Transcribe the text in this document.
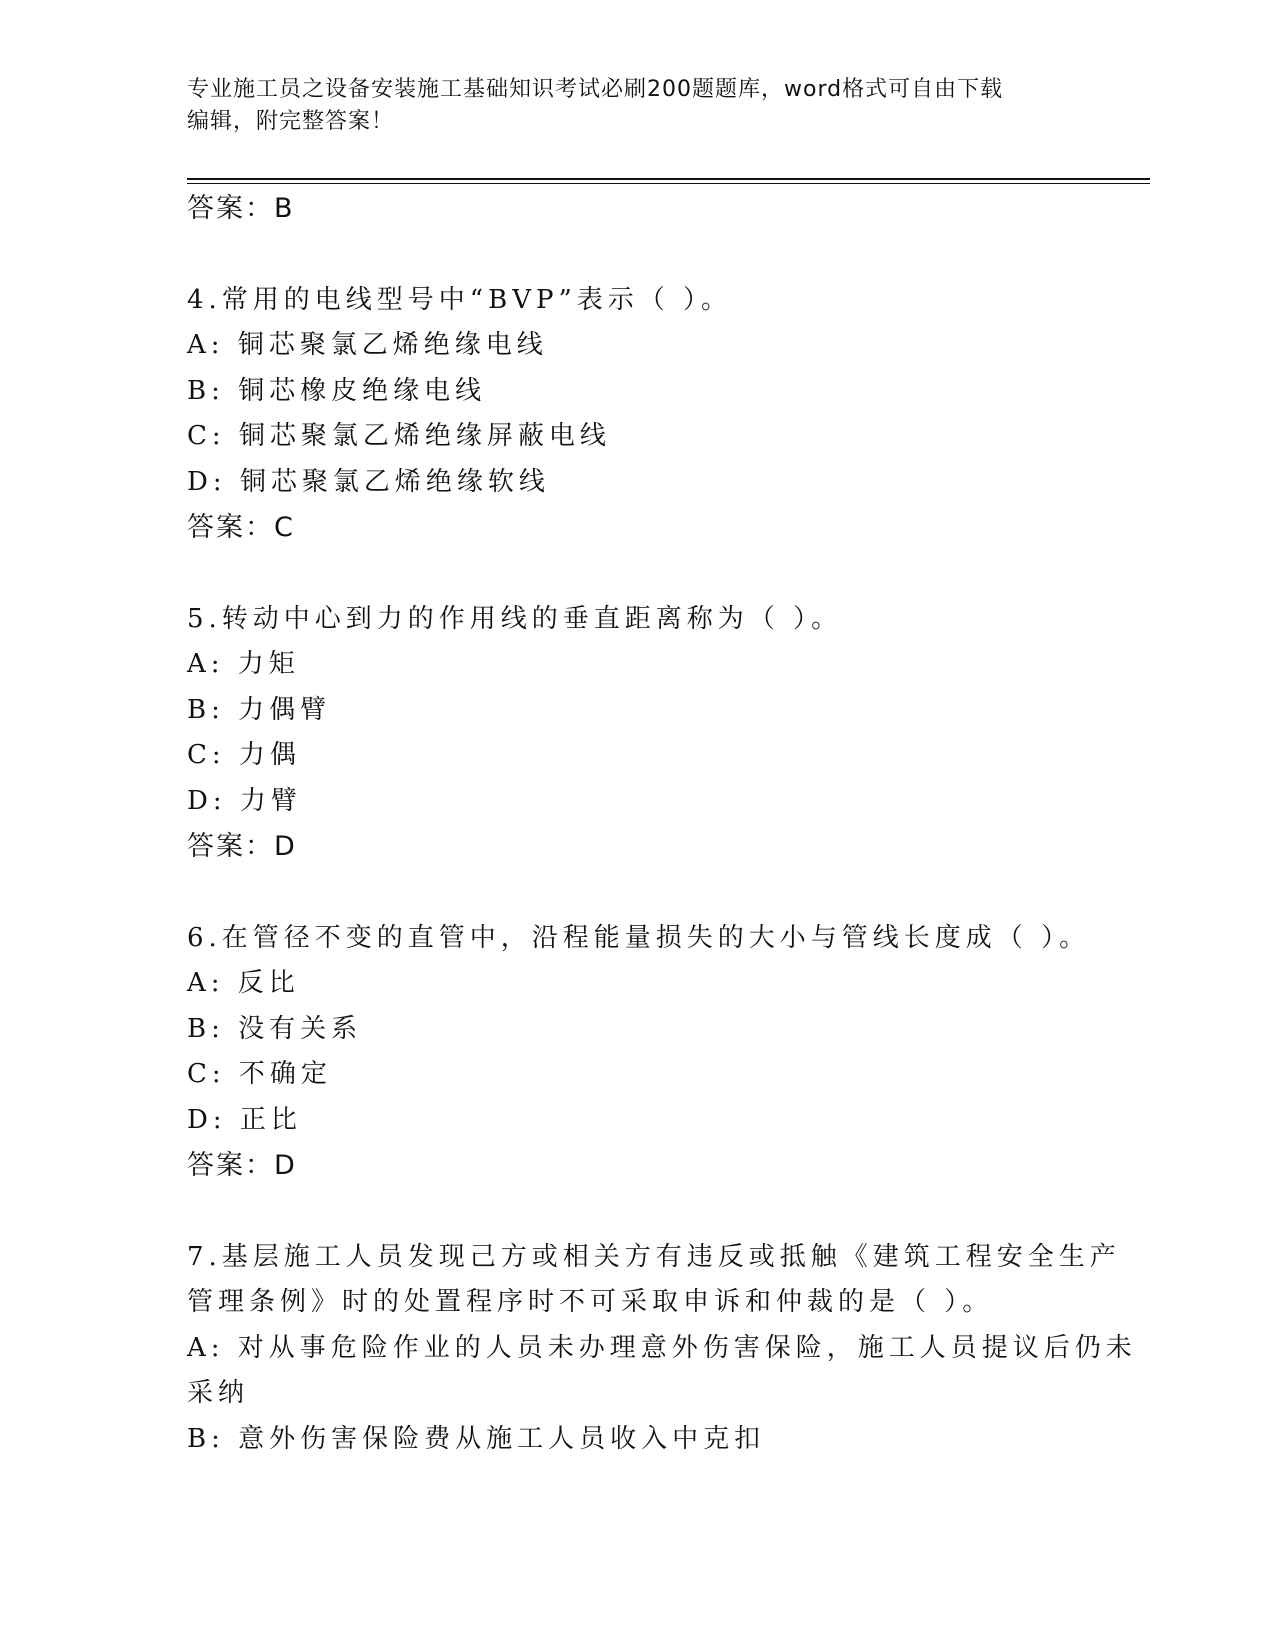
专业施工员之设备安装施工基础知识考试必刷200题题库，word格式可自由下载
编辑，附完整答案！
答案：B
4.常用的电线型号中“BVP”表示（ ）。
A: 铜芯聚氯乙烯绝缘电线
B: 铜芯橡皮绝缘电线
C: 铜芯聚氯乙烯绝缘屏蔽电线
D: 铜芯聚氯乙烯绝缘软线
答案：C
5.转动中心到力的作用线的垂直距离称为（ ）。
A: 力矩
B: 力偶臂
C: 力偶
D: 力臂
答案：D
6.在管径不变的直管中，沿程能量损失的大小与管线长度成（ ）。
A: 反比
B: 没有关系
C: 不确定
D: 正比
答案：D
7.基层施工人员发现己方或相关方有违反或抵触《建筑工程安全生产
管理条例》时的处置程序时不可采取申诉和仲裁的是（ ）。
A: 对从事危险作业的人员未办理意外伤害保险，施工人员提议后仍未
采纳
B: 意外伤害保险费从施工人员收入中克扣
